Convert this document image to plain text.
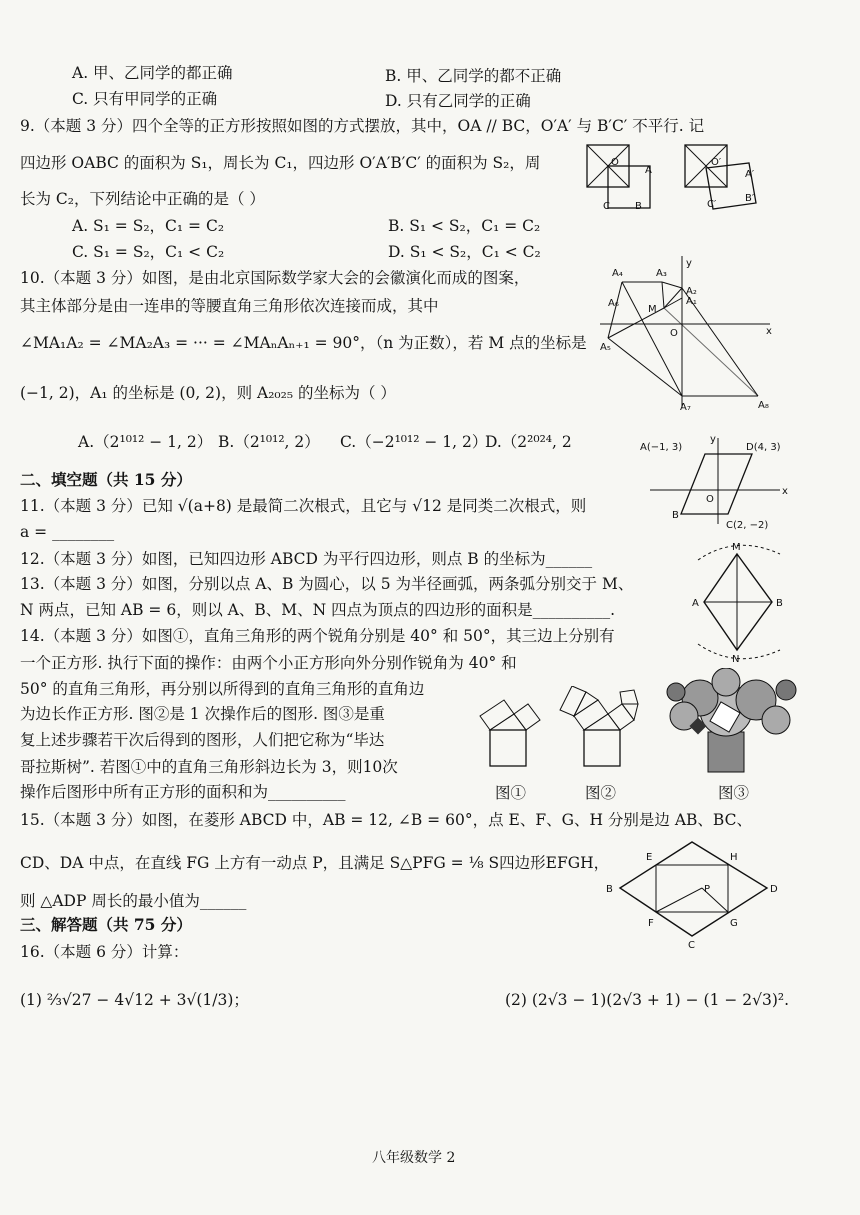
A. 甲、乙同学的都正确	B. 甲、乙同学的都不正确
C. 只有甲同学的正确	D. 只有乙同学的正确
9.（本题 3 分）四个全等的正方形按照如图的方式摆放，其中，OA // BC，O′A′ 与 B′C′ 不平行. 记
四边形 OABC 的面积为 S₁，周长为 C₁，四边形 O′A′B′C′ 的面积为 S₂，周
长为 C₂，下列结论中正确的是（ ）
A. S₁ = S₂，C₁ = C₂	B. S₁ < S₂，C₁ = C₂
C. S₁ = S₂，C₁ < C₂	D. S₁ < S₂，C₁ < C₂
O
A
C	B
O′
A′
C′
B′
10.（本题 3 分）如图，是由北京国际数学家大会的会徽演化而成的图案，
其主体部分是由一连串的等腰直角三角形依次连接而成，其中
∠MA₁A₂ = ∠MA₂A₃ = ··· = ∠MAₙAₙ₊₁ = 90°，（n 为正数），若 M 点的坐标是
(−1, 2)，A₁ 的坐标是 (0, 2)，则 A₂₀₂₅ 的坐标为（ ）
A.（2¹⁰¹² − 1, 2） B.（2¹⁰¹², 2） C.（−2¹⁰¹² − 1, 2）
D.（2²⁰²⁴, 2
A₄	A₃
A₂
A₁
M
O
A₅
A₆
A₇	A₈
x
y
二、填空题（共 15 分）
11.（本题 3 分）已知 √(a+8) 是最简二次根式，且它与 √12 是同类二次根式，则
a = ________
12.（本题 3 分）如图，已知四边形 ABCD 为平行四边形，则点 B 的坐标为______
A(−1, 3)	D(4, 3)
O
B
C(2, −2)
x
y
13.（本题 3 分）如图，分别以点 A、B 为圆心，以 5 为半径画弧，两条弧分别交于 M、
N 两点，已知 AB = 6，则以 A、B、M、N 四点为顶点的四边形的面积是__________.
M
A	B
N
14.（本题 3 分）如图①，直角三角形的两个锐角分别是 40° 和 50°，其三边上分别有
一个正方形. 执行下面的操作：由两个小正方形向外分别作锐角为 40° 和
50° 的直角三角形，再分别以所得到的直角三角形的直角边
为边长作正方形. 图②是 1 次操作后的图形. 图③是重
复上述步骤若干次后得到的图形，人们把它称为“毕达
哥拉斯树”. 若图①中的直角三角形斜边长为 3，则10次
操作后图形中所有正方形的面积和为__________	图①	图②	图③
15.（本题 3 分）如图，在菱形 ABCD 中，AB = 12, ∠B = 60°，点 E、F、G、H 分别是边 AB、BC、
CD、DA 中点，在直线 FG 上方有一动点 P，且满足 S△PFG = ⅛ S四边形EFGH，
则 △ADP 周长的最小值为______
E	H
B	D
P
F	G
C
三、解答题（共 75 分）
16.（本题 6 分）计算：
(1) ⅔√27 − 4√12 + 3√(1/3)；	(2) (2√3 − 1)(2√3 + 1) − (1 − 2√3)².
八年级数学 2
